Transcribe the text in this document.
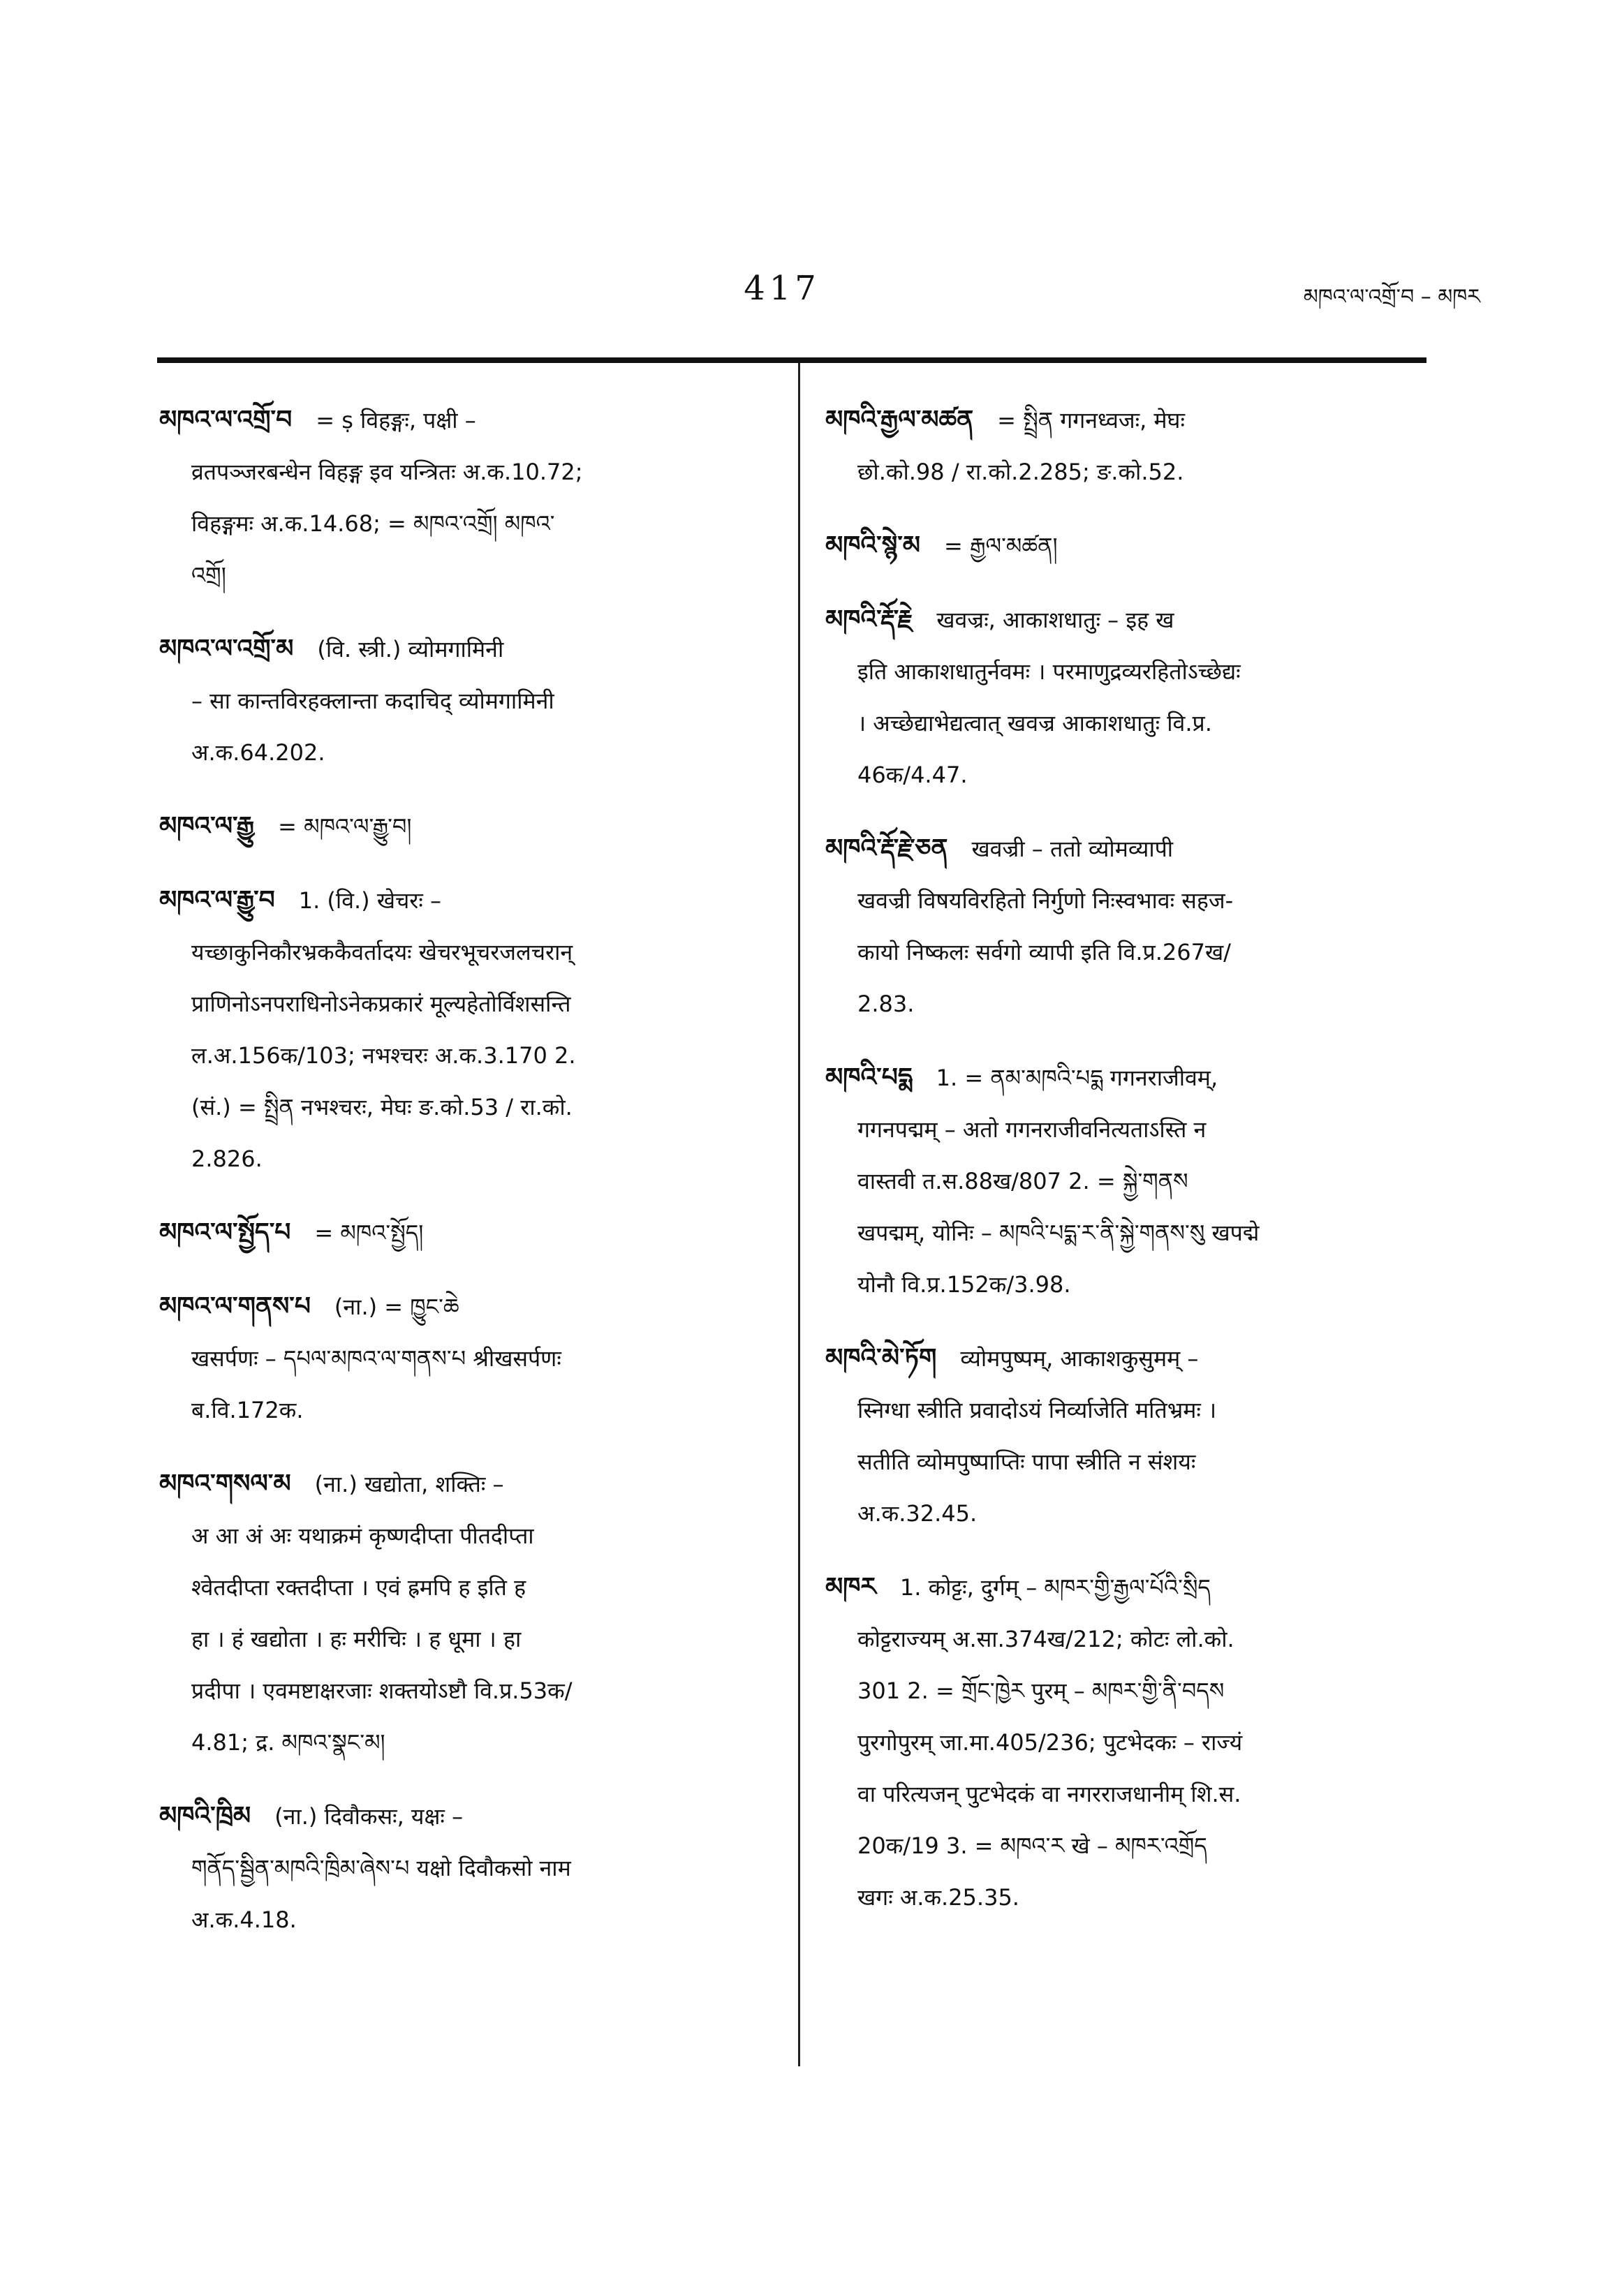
417	མཁའ་ལ་འགྲོ་བ – མཁར
མཁའ་ལ་འགྲོ་བ = ṣ विहङ्गः, पक्षी –
व्रतपञ्जरबन्धेन विहङ्ग इव यन्त्रितः अ.क.10.72;
विहङ्गमः अ.क.14.68; = མཁའ་འགྲོ། མཁའ་
འགྲོ།
མཁའ་ལ་འགྲོ་མ (वि. स्त्री.) व्योमगामिनी
– सा कान्तविरहक्लान्ता कदाचिद् व्योमगामिनी
अ.क.64.202.
མཁའ་ལ་རྒྱུ = མཁའ་ལ་རྒྱུ་བ།
མཁའ་ལ་རྒྱུ་བ 1. (वि.) खेचरः –
यच्छाकुनिकौरभ्रककैवर्तादयः खेचरभूचरजलचरान्
प्राणिनोऽनपराधिनोऽनेकप्रकारं मूल्यहेतोर्विशसन्ति
ल.अ.156क/103; नभश्चरः अ.क.3.170 2.
(सं.) = སྤྲིན नभश्चरः, मेघः ङ.को.53 / रा.को.
2.826.
མཁའ་ལ་སྤྱོད་པ = མཁའ་སྤྱོད།
མཁའ་ལ་གནས་པ (ना.) = ཁྱུང་ཆེ
खसर्पणः – དཔལ་མཁའ་ལ་གནས་པ श्रीखसर्पणः
ब.वि.172क.
མཁའ་གསལ་མ (ना.) खद्योता, शक्तिः –
अ आ अं अः यथाक्रमं कृष्णदीप्ता पीतदीप्ता
श्वेतदीप्ता रक्तदीप्ता । एवं ह्रमपि ह इति ह
हा । हं खद्योता । हः मरीचिः । ह धूमा । हा
प्रदीपा । एवमष्टाक्षरजाः शक्तयोऽष्टौ वि.प्र.53क/
4.81; द्र. མཁའ་སྣང་མ།
མཁའི་ཁྲིམ (ना.) दिवौकसः, यक्षः –
གནོད་སྦྱིན་མཁའི་ཁྲིམ་ཞེས་པ यक्षो दिवौकसो नाम
अ.क.4.18.
མཁའི་རྒྱལ་མཚན = སྤྲིན गगनध्वजः, मेघः
छो.को.98 / रा.को.2.285; ङ.को.52.
མཁའི་སྙེ་མ = རྒྱལ་མཚན།
མཁའི་རྡོ་རྗེ खवज्रः, आकाशधातुः – इह ख
इति आकाशधातुर्नवमः । परमाणुद्रव्यरहितोऽच्छेद्यः
। अच्छेद्याभेद्यत्वात् खवज्र आकाशधातुः वि.प्र.
46क/4.47.
མཁའི་རྡོ་རྗེ་ཅན खवज्री – ततो व्योमव्यापी
खवज्री विषयविरहितो निर्गुणो निःस्वभावः सहज-
कायो निष्कलः सर्वगो व्यापी इति वि.प्र.267ख/
2.83.
མཁའི་པདྨ 1. = ནམ་མཁའི་པདྨ गगनराजीवम्,
गगनपद्मम् – अतो गगनराजीवनित्यताऽस्ति न
वास्तवी त.स.88ख/807 2. = སྐྱེ་གནས
खपद्मम्, योनिः – མཁའི་པདྨ་ར་ནི་སྐྱེ་གནས་སུ खपद्मे
योनौ वि.प्र.152क/3.98.
མཁའི་མེ་ཏོག व्योमपुष्पम्, आकाशकुसुमम् –
स्निग्धा स्त्रीति प्रवादोऽयं निर्व्याजेति मतिभ्रमः ।
सतीति व्योमपुष्पाप्तिः पापा स्त्रीति न संशयः
अ.क.32.45.
མཁར 1. कोट्टः, दुर्गम् – མཁར་གྱི་རྒྱལ་པོའི་སྲིད
कोट्टराज्यम् अ.सा.374ख/212; कोटः लो.को.
301 2. = གྲོང་ཁྱེར पुरम् – མཁར་གྱི་ནི་བདས
पुरगोपुरम् जा.मा.405/236; पुटभेदकः – राज्यं
वा परित्यजन् पुटभेदकं वा नगरराजधानीम् शि.स.
20क/19 3. = མཁའ་ར खे – མཁར་འགྲོད
खगः अ.क.25.35.
